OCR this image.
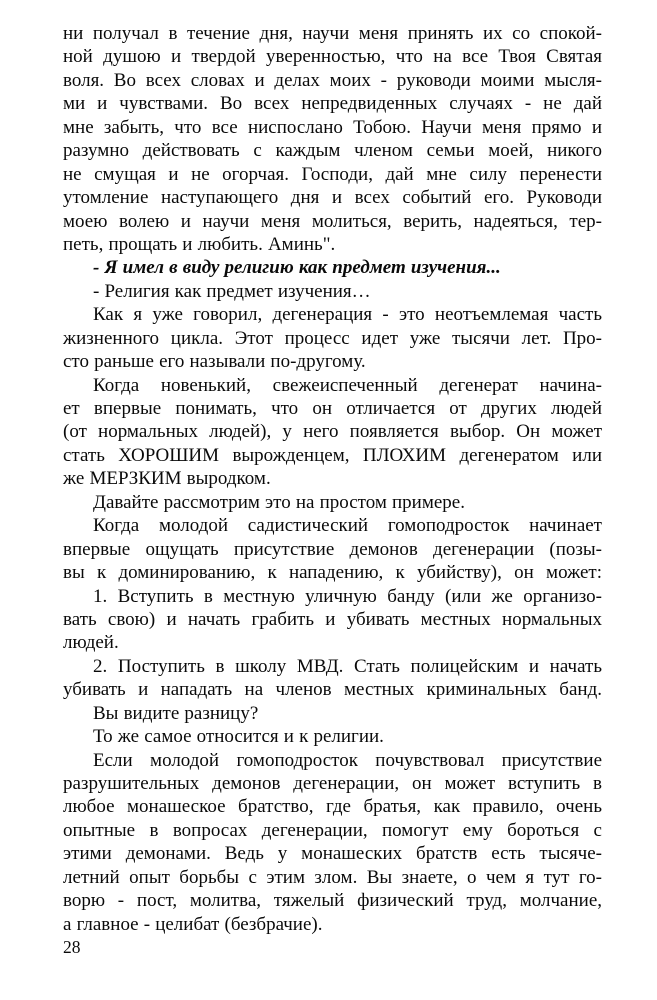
ни получал в течение дня, научи меня принять их со спокой-
ной душою и твердой уверенностью, что на все Твоя Святая
воля. Во всех словах и делах моих - руководи моими мысля-
ми и чувствами. Во всех непредвиденных случаях - не дай
мне забыть, что все ниспослано Тобою. Научи меня прямо и
разумно действовать с каждым членом семьи моей, никого
не смущая и не огорчая. Господи, дай мне силу перенести
утомление наступающего дня и всех событий его. Руководи
моею волею и научи меня молиться, верить, надеяться, тер-
петь, прощать и любить. Аминь".
- Я имел в виду религию как предмет изучения...
- Религия как предмет изучения…
Как я уже говорил, дегенерация - это неотъемлемая часть
жизненного цикла. Этот процесс идет уже тысячи лет. Про-
сто раньше его называли по-другому.
Когда новенький, свежеиспеченный дегенерат начина-
ет впервые понимать, что он отличается от других людей
(от нормальных людей), у него появляется выбор. Он может
стать ХОРОШИМ вырожденцем, ПЛОХИМ дегенератом или
же МЕРЗКИМ выродком.
Давайте рассмотрим это на простом примере.
Когда молодой садистический гомоподросток начинает
впервые ощущать присутствие демонов дегенерации (позы-
вы к доминированию, к нападению, к убийству), он может:
1. Вступить в местную уличную банду (или же организо-
вать свою) и начать грабить и убивать местных нормальных
людей.
2. Поступить в школу МВД. Стать полицейским и начать
убивать и нападать на членов местных криминальных банд.
Вы видите разницу?
То же самое относится и к религии.
Если молодой гомоподросток почувствовал присутствие
разрушительных демонов дегенерации, он может вступить в
любое монашеское братство, где братья, как правило, очень
опытные в вопросах дегенерации, помогут ему бороться с
этими демонами. Ведь у монашеских братств есть тысяче-
летний опыт борьбы с этим злом. Вы знаете, о чем я тут го-
ворю - пост, молитва, тяжелый физический труд, молчание,
а главное - целибат (безбрачие).
28
